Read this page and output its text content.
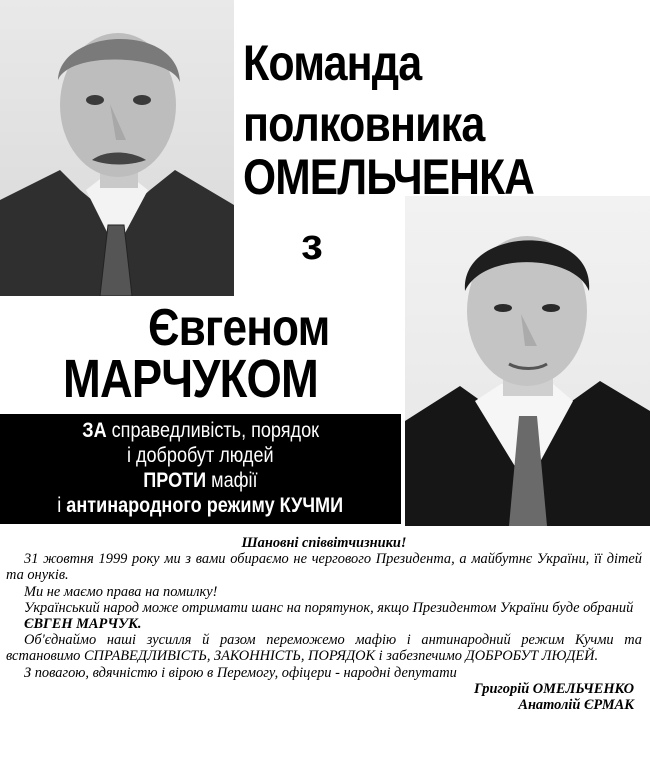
Команда
полковника
ОМЕЛЬЧЕНКА
з
Євгеном
МАРЧУКОМ
ЗА справедливість, порядок
і добробут людей
ПРОТИ мафії
і антинародного режиму КУЧМИ

Шановні співвітчизники!

31 жовтня 1999 року ми з вами обираємо не чергового Президента, а майбутнє України, її дітей та онуків.

Ми не маємо права на помилку!

Український народ може отримати шанс на порятунок, якщо Президентом України буде обраний

ЄВГЕН МАРЧУК.

Об'єднаймо наші зусилля й разом переможемо мафію і антинародний режим Кучми та встановимо СПРАВЕДЛИВІСТЬ, ЗАКОННІСТЬ, ПОРЯДОК і забезпечимо ДОБРОБУТ ЛЮДЕЙ.

З повагою, вдячністю і вірою в Перемогу, офіцери - народні депутати

Григорій ОМЕЛЬЧЕНКО

Анатолій ЄРМАК
